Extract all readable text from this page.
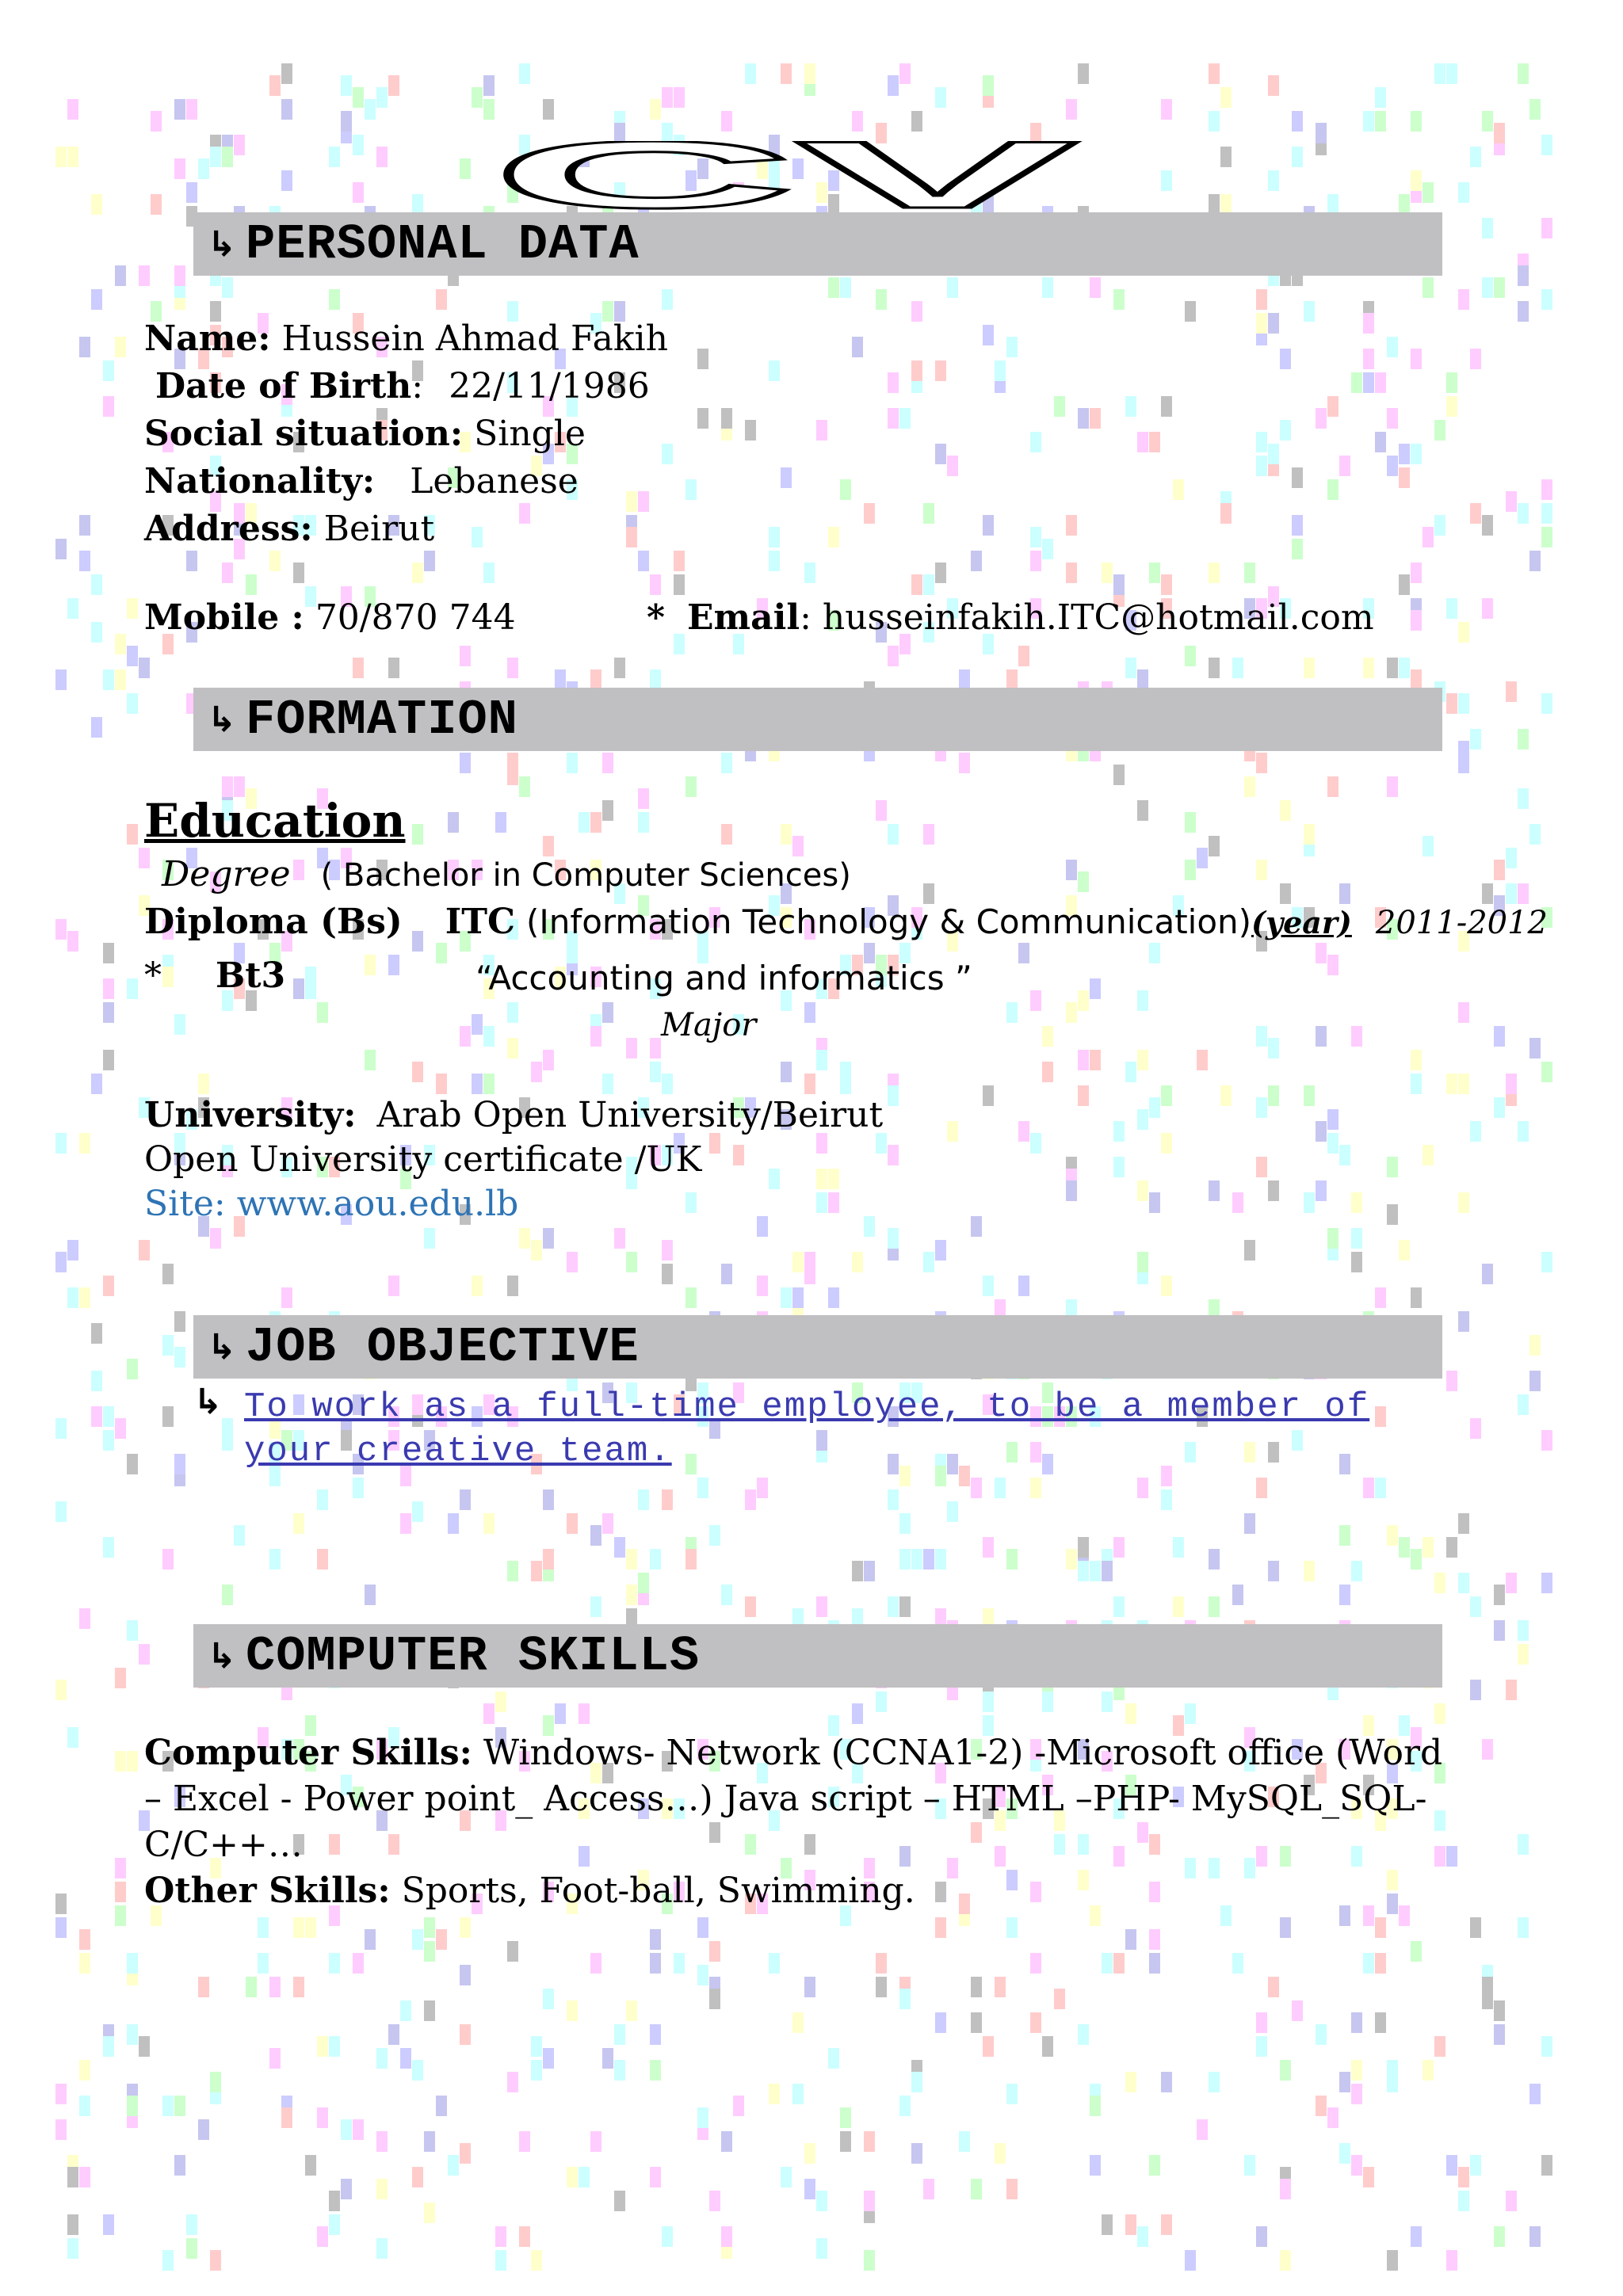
CV
↳ PERSONAL DATA
Name: Hussein Ahmad Fakih
Date of Birth: 22/11/1986
Social situation: Single
Nationality: Lebanese
Address: Beirut
Mobile : 70/870 744	* Email: husseinfakih.ITC@hotmail.com
↳ FORMATION
Education
Degree ( Bachelor in Computer Sciences)
Diploma (Bs) ITC (Information Technology & Communication)(year) 2011-2012
* Bt3	“Accounting and informatics ”
Major
University: Arab Open University/Beirut
Open University certificate /UK
Site: www.aou.edu.lb
↳ JOB OBJECTIVE
↳ To work as a full-time employee, to be a member of your creative team.
↳ COMPUTER SKILLS
Computer Skills: Windows- Network (CCNA1-2) -Microsoft office (Word – Excel - Power point_ Access…) Java script – HTML –PHP- MySQL_SQL- C/C++…
Other Skills: Sports, Foot-ball, Swimming.
